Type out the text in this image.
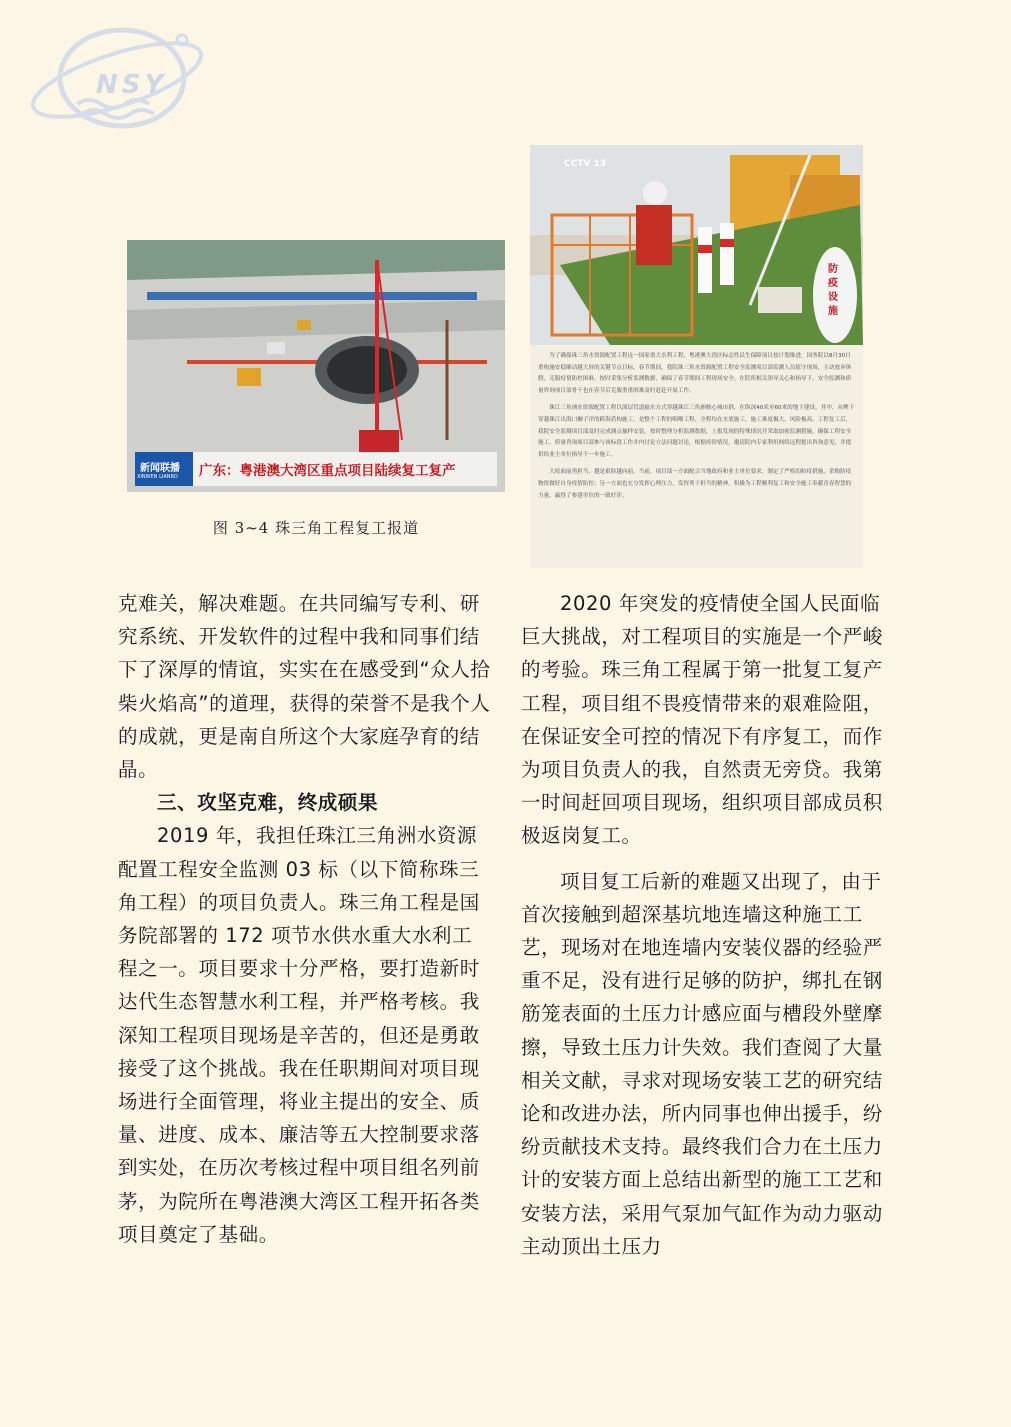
NSY
新闻联播
XINWEN LIANBO 广东：粤港澳大湾区重点项目陆续复工复产
CCTV 13
防 疫 设 施

为了确保珠三角水资源配置工程这一国家重大水利工程、粤港澳大湾区标志性民生保障项目按计划推进，国务院以8月30日重构施安稳顺动越大屏的关键节点目标，春节期间，我院珠三角水资源配置工程安全监测项目部监测人员值守现场，主动放弃休假，克服疫情防控困难，按时采集分析监测数据，确保了春节期间工程现场安全。在院所相关领导关心和指导下，安全监测和质量咨询项目部骨干也在春节后克服重重困难及时赶赴开展工作。

珠江三角洲水资源配置工程以深层管道输水方式穿越珠江三角洲核心城市群，在纵深40米至60米的地下建设。其中，从鲤下穿越珠江出海口狮子洋的跨海盾构施工，是整个工程的咽喉工程，全程均在水底施工，施工难度极大，风险极高。工程复工后，我院安全监测项目部及时完成测点抽样安装，按时整理分析监测数据，上报发现的特殊情况并采取加密监测措施，确保工程安全施工。质量咨询项目部参与该标段工作并内讨论方法问题讨论，根据疫情情况，邀请院内专家利用网络远程提出咨询意见，并提供给业主单位指导下一步施工。

大疫面前勇担当，越是艰险越向前。当前，项目部一方面配合当地政府和业主单位要求，制定了严格的防疫措施，采购防疫物资做好自身疫情防控；另一方面也充分发挥心理压力，发挥勇于担当的精神，积极为工程顺利复工和安全施工奉献青春智慧的力量，赢得了参建单位的一致好评。

图 3~4 珠三角工程复工报道

克难关，解决难题。在共同编写专利、研究系统、开发软件的过程中我和同事们结下了深厚的情谊，实实在在感受到“众人拾柴火焰高”的道理，获得的荣誉不是我个人的成就，更是南自所这个大家庭孕育的结晶。

三、攻坚克难，终成硕果

2019 年，我担任珠江三角洲水资源配置工程安全监测 03 标（以下简称珠三角工程）的项目负责人。珠三角工程是国务院部署的 172 项节水供水重大水利工程之一。项目要求十分严格，要打造新时达代生态智慧水利工程，并严格考核。我深知工程项目现场是辛苦的，但还是勇敢接受了这个挑战。我在任职期间对项目现场进行全面管理，将业主提出的安全、质量、进度、成本、廉洁等五大控制要求落到实处，在历次考核过程中项目组名列前茅，为院所在粤港澳大湾区工程开拓各类项目奠定了基础。

2020 年突发的疫情使全国人民面临巨大挑战，对工程项目的实施是一个严峻的考验。珠三角工程属于第一批复工复产工程，项目组不畏疫情带来的艰难险阻，在保证安全可控的情况下有序复工，而作为项目负责人的我，自然责无旁贷。我第一时间赶回项目现场，组织项目部成员积极返岗复工。

项目复工后新的难题又出现了，由于首次接触到超深基坑地连墙这种施工工艺，现场对在地连墙内安装仪器的经验严重不足，没有进行足够的防护，绑扎在钢筋笼表面的土压力计感应面与槽段外壁摩擦，导致土压力计失效。我们查阅了大量相关文献，寻求对现场安装工艺的研究结论和改进办法，所内同事也伸出援手，纷纷贡献技术支持。最终我们合力在土压力计的安装方面上总结出新型的施工工艺和安装方法，采用气泵加气缸作为动力驱动主动顶出土压力
